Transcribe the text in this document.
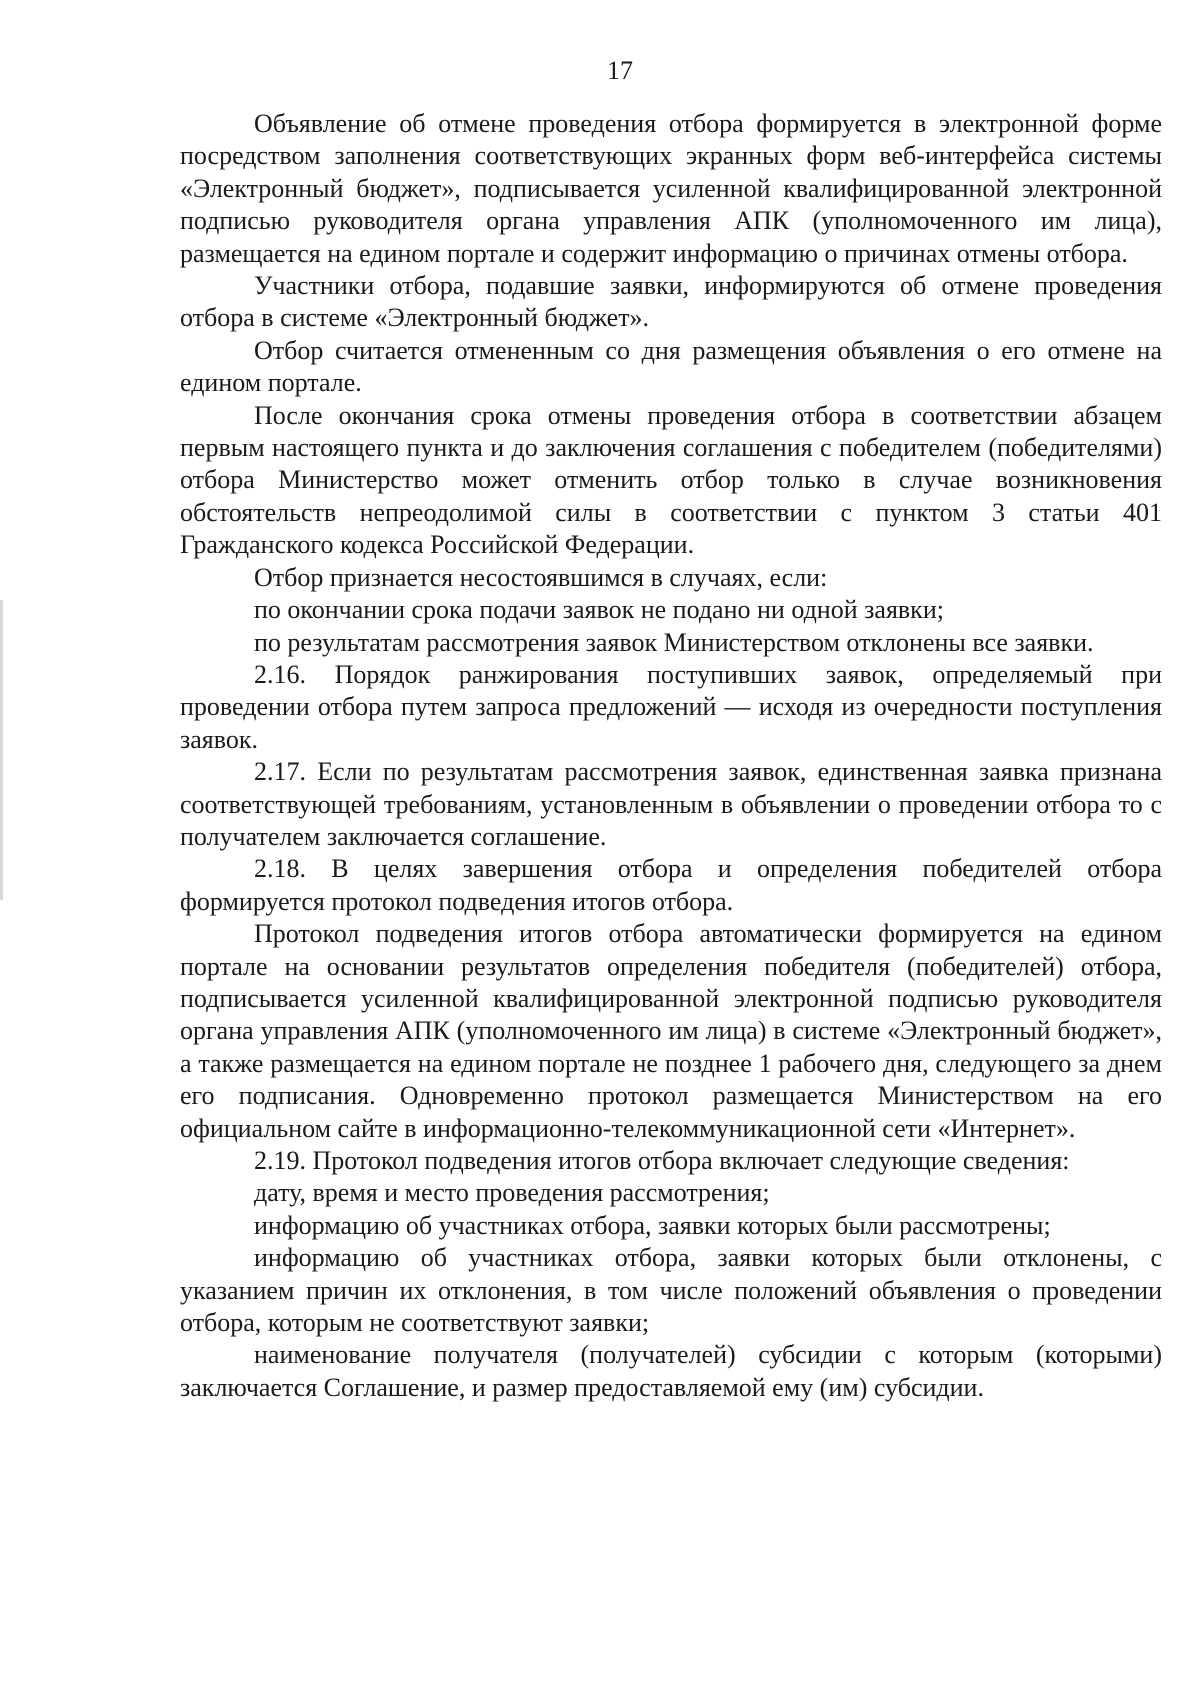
17

Объявление об отмене проведения отбора формируется в электронной форме посредством заполнения соответствующих экранных форм веб-интерфейса системы «Электронный бюджет», подписывается усиленной квалифицированной электронной подписью руководителя органа управления АПК (уполномоченного им лица), размещается на едином портале и содержит информацию о причинах отмены отбора.

Участники отбора, подавшие заявки, информируются об отмене проведения отбора в системе «Электронный бюджет».

Отбор считается отмененным со дня размещения объявления о его отмене на едином портале.

После окончания срока отмены проведения отбора в соответствии абзацем первым настоящего пункта и до заключения соглашения с победителем (победителями) отбора Министерство может отменить отбор только в случае возникновения обстоятельств непреодолимой силы в соответствии с пунктом 3 статьи 401 Гражданского кодекса Российской Федерации.

Отбор признается несостоявшимся в случаях, если:

по окончании срока подачи заявок не подано ни одной заявки;

по результатам рассмотрения заявок Министерством отклонены все заявки.

2.16. Порядок ранжирования поступивших заявок, определяемый при проведении отбора путем запроса предложений — исходя из очередности поступления заявок.

2.17. Если по результатам рассмотрения заявок, единственная заявка признана соответствующей требованиям, установленным в объявлении о проведении отбора то с получателем заключается соглашение.

2.18. В целях завершения отбора и определения победителей отбора формируется протокол подведения итогов отбора.

Протокол подведения итогов отбора автоматически формируется на едином портале на основании результатов определения победителя (победителей) отбора, подписывается усиленной квалифицированной электронной подписью руководителя органа управления АПК (уполномоченного им лица) в системе «Электронный бюджет», а также размещается на едином портале не позднее 1 рабочего дня, следующего за днем его подписания. Одновременно протокол размещается Министерством на его официальном сайте в информационно-телекоммуникационной сети «Интернет».

2.19. Протокол подведения итогов отбора включает следующие сведения:

дату, время и место проведения рассмотрения;

информацию об участниках отбора, заявки которых были рассмотрены;

информацию об участниках отбора, заявки которых были отклонены, с указанием причин их отклонения, в том числе положений объявления о проведении отбора, которым не соответствуют заявки;

наименование получателя (получателей) субсидии с которым (которыми) заключается Соглашение, и размер предоставляемой ему (им) субсидии.
